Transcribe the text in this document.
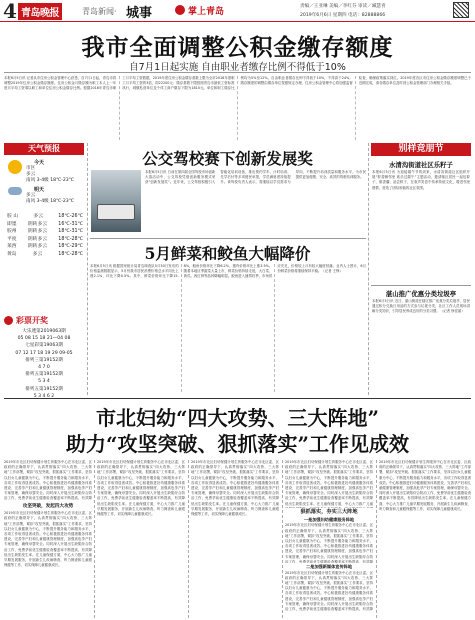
4 青岛晚报	青岛新闻· 城事	掌上青岛
责编／王亚琳 美编／李红芬 审读／臧慧青
2019年6月6日 星期四 电话：82888866
我市全面调整公积金缴存额度
自7月1日起实施 自由职业者缴存比例不得低于10%
本报6月5日讯 记者从市住房公积金管理中心获悉，自7月1日起，青岛市将调整2019年住房公积金缴存额度。住房公积金月缴存额为职工本人上一年度月平均工资乘以职工和单位住房公积金缴存比例。根据2018年青岛市职工月平均工资数据，2019年度住房公积金缴存基数上限为全市2018年度职工月平均工资的3倍，即22200元；缴存基数下限按照青岛市最低工资标准执行，城镇私营单位及个体工商户缴存下限为1810元。单位和职工缴存比例均为5%至12%。自由职业者缴存比例不得低于10%，不得高于24%。缴存额度的调整由缴存单位按照规定办理，住房公积金管理中心将加强监督检查，确保政策落实到位。2019年度各区市住房公积金缴存额度调整已于近期完成，请各缴存单位及时到公积金管理部门办理相关手续。
天气预报
今天
市区
多云
南风 3-4级 18℃-23℃
明天
多云
南风 3-4级 18℃-23℃
胶 山	多云	18℃-26℃
即墨 阴转多云 16℃-31℃
胶州 阴转多云 18℃-31℃
平度 阴转多云 18℃-28℃
莱西 阴转多云 18℃-29℃
黄岛	多云	18℃-28℃
彩票开奖
大乐透第2019063期
05 08 15 18 21—04 08
七星彩第19063期
07 12 17 18 19 29 09-05
排列三第19152期
4 7 0
排列五第19152期
5 3 4
排列五第19152期
5 3 4 6 2
公交驾校赛下创新发展奖
本报6月5日讯 日前在第四届全国驾校市场创新大赛活动中，公交驾校凭借创新服务模式荣获“创新发展奖”。近年来，公交驾校积极引入智能化培训设备，推出预约学车、计时培训、先学后付等多项便民举措，学员满意度持续提升。该驾校负责人表示，将继续以学员需求为导向，不断提升培训质量和服务水平，为市民提供更加便捷、安全、高效的驾驶培训服务。
5月鲜菜和鲛鱼大幅降价
本报6月5日讯 根据国家统计局青岛调查队5月30日发布的价格监测数据显示，5月份我市居民消费价格总水平同比上涨2.1%，环比下降0.5%。其中，鲜菜价格环比下降15.8%，鲛鱼价格环比下降6.2%，猪肉价格环比上涨3.5%。随着本地应季蔬菜大量上市，鲜菜价格持续走低，大白菜、黄瓜、西红柿等品种降幅明显。鲛鱼进入捕捞旺季，市场供应充足，价格较上月有较大幅度回落。业内人士预计，6月份鲜菜价格将继续保持平稳。（记者 王锋）
别样竞朋节
水清沟街道社区乐籽子
本报6月5日讯 为迎接端午节的到来，水清沟街道社区组织开展“粽香飘邻里 欢乐过端午”主题活动，邀请辖区居民一起包粽子、做香囊、品尝粽子，在欢声笑语中传承传统文化，增进邻里感情，营造了团结和谐的社区氛围。
湛山推广优惠分类垃圾亭
本报6月5日讯 近日，湛山街道在辖区推广优惠分类垃圾亭，居民通过积分兑换日用品的方式参与垃圾分类，社区工作人员现场讲解分类知识，引导居民养成良好的分类习惯。（记者 徐佳丽）
市北妇幼“四大攻势、三大阵地”
助力“攻坚突破、狠抓落实”工作见成效
2019年市北区妇幼保健计划生育服务中心在市北区委、区政府的正确领导下，认真贯彻落实“四大攻势、三大阵地”工作部署，紧扣“攻坚突破、狠抓落实”工作要求，坚持以妇女儿童健康为中心，不断提升服务能力和服务水平，各项工作取得显著成效。中心积极推进妇幼健康服务体系建设，完善孕产妇和儿童健康管理制度，加强高危孕产妇专案管理，确保母婴安全。同时深入开展出生缺陷综合防治工作，免费孕前优生健康检查覆盖率不断提高，有效降
攻坚突破，发起四大攻势
2019年市北区妇幼保健计划生育服务中心在市北区委、区政府的正确领导下，认真贯彻落实“四大攻势、三大阵地”工作部署，紧扣“攻坚突破、狠抓落实”工作要求，坚持以妇女儿童健康为中心，不断提升服务能力和服务水平，各项工作取得显著成效。中心积极推进妇幼健康服务体系建设，完善孕产妇和儿童健康管理制度，加强高危孕产妇专案管理，确保母婴安全。同时深入开展出生缺陷综合防治工作，免费孕前优生健康检查覆盖率不断提高，有效降低出生缺陷发生率。在儿童保健方面，中心大力推广儿童早期发展服务，开展新生儿疾病筛查、听力筛查和儿童眼保健等工作，切实保障儿童健康成长。
2019年市北区妇幼保健计划生育服务中心在市北区委、区政府的正确领导下，认真贯彻落实“四大攻势、三大阵地”工作部署，紧扣“攻坚突破、狠抓落实”工作要求，坚持以妇女儿童健康为中心，不断提升服务能力和服务水平，各项工作取得显著成效。中心积极推进妇幼健康服务体系建设，完善孕产妇和儿童健康管理制度，加强高危孕产妇专案管理，确保母婴安全。同时深入开展出生缺陷综合防治工作，免费孕前优生健康检查覆盖率不断提高，有效降低出生缺陷发生率。在儿童保健方面，中心大力推广儿童早期发展服务，开展新生儿疾病筛查、听力筛查和儿童眼保健等工作，切实保障儿童健康成长。
2019年市北区妇幼保健计划生育服务中心在市北区委、区政府的正确领导下，认真贯彻落实“四大攻势、三大阵地”工作部署，紧扣“攻坚突破、狠抓落实”工作要求，坚持以妇女儿童健康为中心，不断提升服务能力和服务水平，各项工作取得显著成效。中心积极推进妇幼健康服务体系建设，完善孕产妇和儿童健康管理制度，加强高危孕产妇专案管理，确保母婴安全。同时深入开展出生缺陷综合防治工作，免费孕前优生健康检查覆盖率不断提高，有效降低出生缺陷发生率。在儿童保健方面，中心大力推广儿童早期发展服务，开展新生儿疾病筛查、听力筛查和儿童眼保健等工作，切实保障儿童健康成长。
2019年市北区妇幼保健计划生育服务中心在市北区委、区政府的正确领导下，认真贯彻落实“四大攻势、三大阵地”工作部署，紧扣“攻坚突破、狠抓落实”工作要求，坚持以妇女儿童健康为中心，不断提升服务能力和服务水平，各项工作取得显著成效。中心积极推进妇幼健康服务体系建设，完善孕产妇和儿童健康管理制度，加强高危孕产妇专案管理，确保母婴安全。同时深入开展出生缺陷综合防治工作，免费孕前优生健康检查覆盖率不断提高，有效降低出生缺陷发生率。在儿童保健方面，中心大力推广儿童
狠抓落实，夯实三大阵地
一是加强妇幼健康服务阵地
2019年市北区妇幼保健计划生育服务中心在市北区委、区政府的正确领导下，认真贯彻落实“四大攻势、三大阵地”工作部署，紧扣“攻坚突破、狠抓落实”工作要求，坚持以妇女儿童健康为中心，不断提升服务能力和服务水平，各项工作取得显著成效。中心积极推进妇幼健康服务体系建设，完善孕产妇和儿童健康管理制度，加强高危孕产妇专案管理，确保母婴安全。同时深入开展出生缺陷综合防治工作，免费孕前优生健康检查覆盖率不断提高，有效降
二是加强新媒体宣传阵地
2019年市北区妇幼保健计划生育服务中心在市北区委、区政府的正确领导下，认真贯彻落实“四大攻势、三大阵地”工作部署，紧扣“攻坚突破、狠抓落实”工作要求，坚持以妇女儿童健康为中心，不断提升服务能力和服务水平，各项工作取得显著成效。中心积极推进妇幼健康服务体系建设，完善孕产妇和儿童健康管理制度，加强高危孕产妇专案管理，确保母婴安全。同时深入开展出生缺陷综合防治工作，免费孕前优生健康检查覆盖率不断提高，有效降
2019年市北区妇幼保健计划生育服务中心在市北区委、区政府的正确领导下，认真贯彻落实“四大攻势、三大阵地”工作部署，紧扣“攻坚突破、狠抓落实”工作要求，坚持以妇女儿童健康为中心，不断提升服务能力和服务水平，各项工作取得显著成效。中心积极推进妇幼健康服务体系建设，完善孕产妇和儿童健康管理制度，加强高危孕产妇专案管理，确保母婴安全。同时深入开展出生缺陷综合防治工作，免费孕前优生健康检查覆盖率不断提高，有效降低出生缺陷发生率。在儿童保健方面，中心大力推广儿童早期发展服务，开展新生儿疾病筛查、听力筛查和儿童眼保健等工作，切实保障儿童健康成长。
